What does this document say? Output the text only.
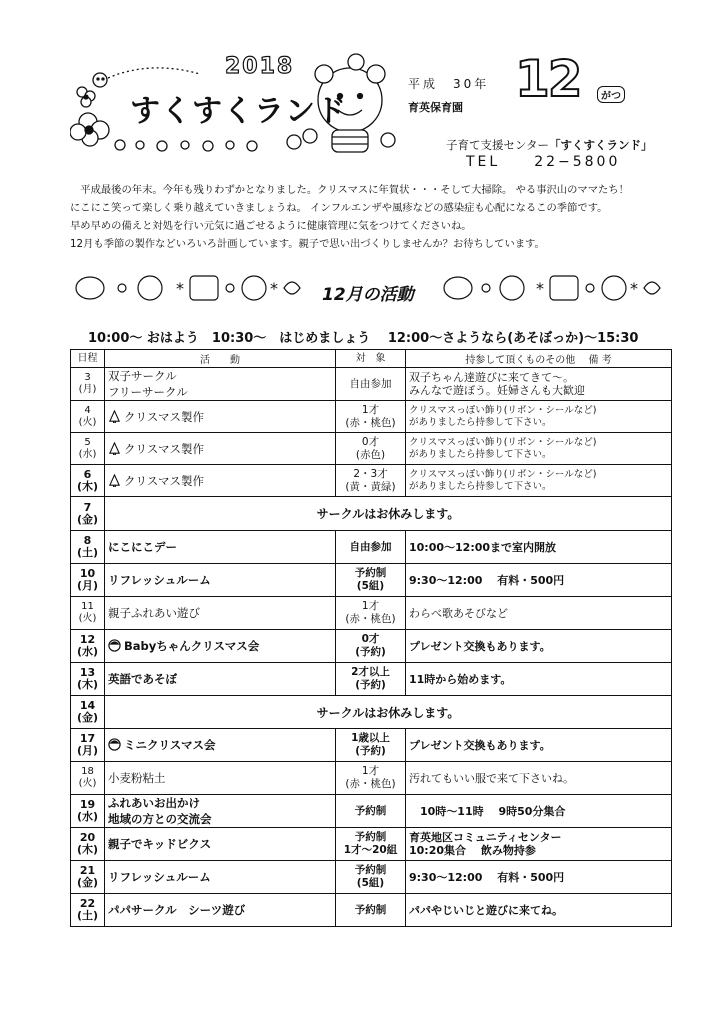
2018
すくすくランド
平成　30年
育英保育園 12	がつ
子育て支援センター「すくすくランド」
TEL　　22−5800
　平成最後の年末。今年も残りわずかとなりました。クリスマスに年賀状・・・そして大掃除。 やる事沢山のママたち！
にこにこ笑って楽しく乗り越えていきましょうね。 インフルエンザや風疹などの感染症も心配になるこの季節です。
早め早めの備えと対処を行い元気に過ごせるように健康管理に気をつけてくださいね。
12月も季節の製作などいろいろ計画しています。親子で思い出づくりしませんか？お待ちしています。
*	*	12月の活動	*	*
10:00〜 おはよう　10:30〜　はじめましょう　 12:00〜さようなら(あそぼっか)〜15:30
日程	活　　動	対　象	持参して頂くものその他　 備 考
3
(月)	双子サークル
フリーサークル	自由参加	双子ちゃん達遊びに来てきて〜。
みんなで遊ぼう。妊婦さんも大歓迎
4
(火)	クリスマス製作	1才
(赤・桃色)	クリスマスっぽい飾り(リボン・シールなど)
がありましたら持参して下さい。
5
(水)	クリスマス製作	0才
(赤色)	クリスマスっぽい飾り(リボン・シールなど)
がありましたら持参して下さい。
6
(木)	クリスマス製作	2・3才
(黄・黄緑)	クリスマスっぽい飾り(リボン・シールなど)
がありましたら持参して下さい。
7
(金)	サークルはお休みします。		
8
(土)	にこにこデー	自由参加	10:00〜12:00まで室内開放
10
(月)	リフレッシュルーム	予約制
(5組)	9:30〜12:00　 有料・500円
11
(火)	親子ふれあい遊び	1才
(赤・桃色)	わらべ歌あそびなど
12
(水)	Babyちゃんクリスマス会	0才
(予約)	プレゼント交換もあります。
13
(木)	英語であそぼ	2才以上
(予約)	11時から始めます。
14
(金)	サークルはお休みします。		
17
(月)	ミニクリスマス会	1歳以上
(予約)	プレゼント交換もあります。
18
(火)	小麦粉粘土	1才
(赤・桃色)	汚れてもいい服で来て下さいね。
19
(水)	ふれあいお出かけ
地域の方との交流会	予約制	　10時〜11時　 9時50分集合
20
(木)	親子でキッドビクス	予約制
1才〜20組	育英地区コミュニティセンター
10:20集合　 飲み物持参
21
(金)	リフレッシュルーム	予約制
(5組)	9:30〜12:00　 有料・500円
22
(土)	パパサークル　シーツ遊び	予約制	パパやじいじと遊びに来てね。
